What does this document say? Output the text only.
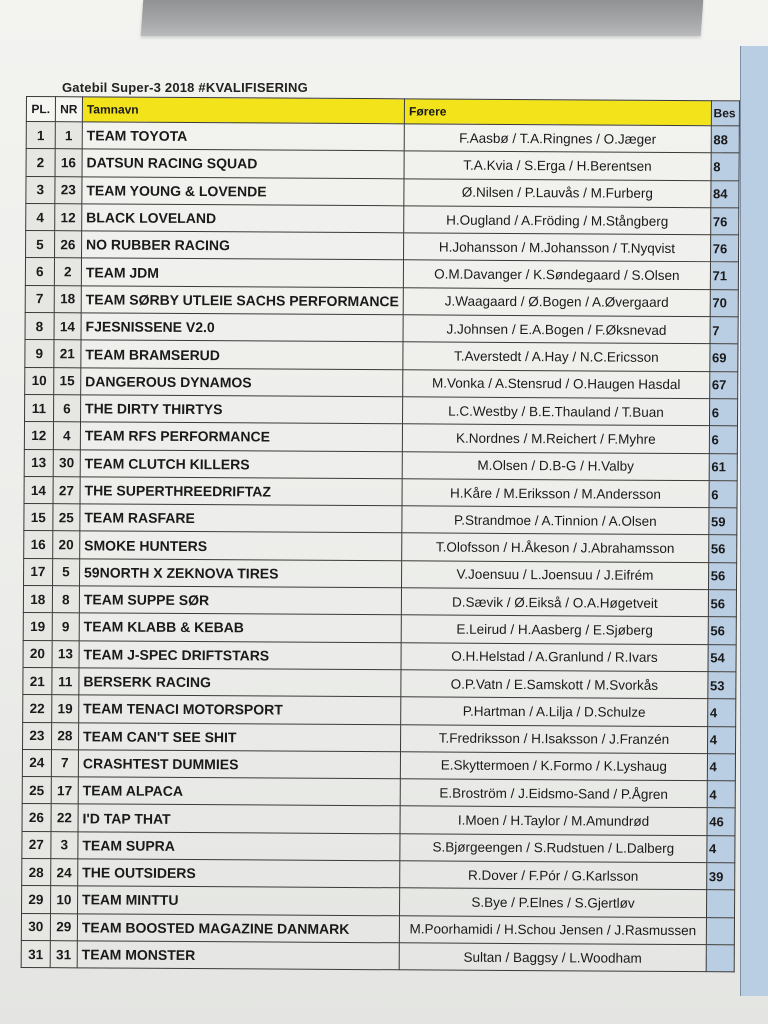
Gatebil Super-3 2018 #KVALIFISERING
PL.	NR	Tamnavn	Førere	Bes
1	1	TEAM TOYOTA	F.Aasbø / T.A.Ringnes / O.Jæger	88
2	16	DATSUN RACING SQUAD	T.A.Kvia / S.Erga / H.Berentsen	8
3	23	TEAM YOUNG & LOVENDE	Ø.Nilsen / P.Lauvås / M.Furberg	84
4	12	BLACK LOVELAND	H.Ougland / A.Fröding / M.Stångberg	76
5	26	NO RUBBER RACING	H.Johansson / M.Johansson / T.Nyqvist	76
6	2	TEAM JDM	O.M.Davanger / K.Søndegaard / S.Olsen	71
7	18	TEAM SØRBY UTLEIE SACHS PERFORMANCE	J.Waagaard / Ø.Bogen / A.Øvergaard	70
8	14	FJESNISSENE V2.0	J.Johnsen / E.A.Bogen / F.Øksnevad	7
9	21	TEAM BRAMSERUD	T.Averstedt / A.Hay / N.C.Ericsson	69
10	15	DANGEROUS DYNAMOS	M.Vonka / A.Stensrud / O.Haugen Hasdal	67
11	6	THE DIRTY THIRTYS	L.C.Westby / B.E.Thauland / T.Buan	6
12	4	TEAM RFS PERFORMANCE	K.Nordnes / M.Reichert / F.Myhre	6
13	30	TEAM CLUTCH KILLERS	M.Olsen / D.B-G / H.Valby	61
14	27	THE SUPERTHREEDRIFTAZ	H.Kåre / M.Eriksson / M.Andersson	6
15	25	TEAM RASFARE	P.Strandmoe / A.Tinnion / A.Olsen	59
16	20	SMOKE HUNTERS	T.Olofsson / H.Åkeson / J.Abrahamsson	56
17	5	59NORTH X ZEKNOVA TIRES	V.Joensuu / L.Joensuu / J.Eifrém	56
18	8	TEAM SUPPE SØR	D.Sævik / Ø.Eikså / O.A.Høgetveit	56
19	9	TEAM KLABB & KEBAB	E.Leirud / H.Aasberg / E.Sjøberg	56
20	13	TEAM J-SPEC DRIFTSTARS	O.H.Helstad / A.Granlund / R.Ivars	54
21	11	BERSERK RACING	O.P.Vatn / E.Samskott / M.Svorkås	53
22	19	TEAM TENACI MOTORSPORT	P.Hartman / A.Lilja / D.Schulze	4
23	28	TEAM CAN'T SEE SHIT	T.Fredriksson / H.Isaksson / J.Franzén	4
24	7	CRASHTEST DUMMIES	E.Skyttermoen / K.Formo / K.Lyshaug	4
25	17	TEAM ALPACA	E.Broström / J.Eidsmo-Sand / P.Ågren	4
26	22	I'D TAP THAT	I.Moen / H.Taylor / M.Amundrød	46
27	3	TEAM SUPRA	S.Bjørgeengen / S.Rudstuen / L.Dalberg	4
28	24	THE OUTSIDERS	R.Dover / F.Pór / G.Karlsson	39
29	10	TEAM MINTTU	S.Bye / P.Elnes / S.Gjertløv	
30	29	TEAM BOOSTED MAGAZINE DANMARK	M.Poorhamidi / H.Schou Jensen / J.Rasmussen	
31	31	TEAM MONSTER	Sultan / Baggsy / L.Woodham	
